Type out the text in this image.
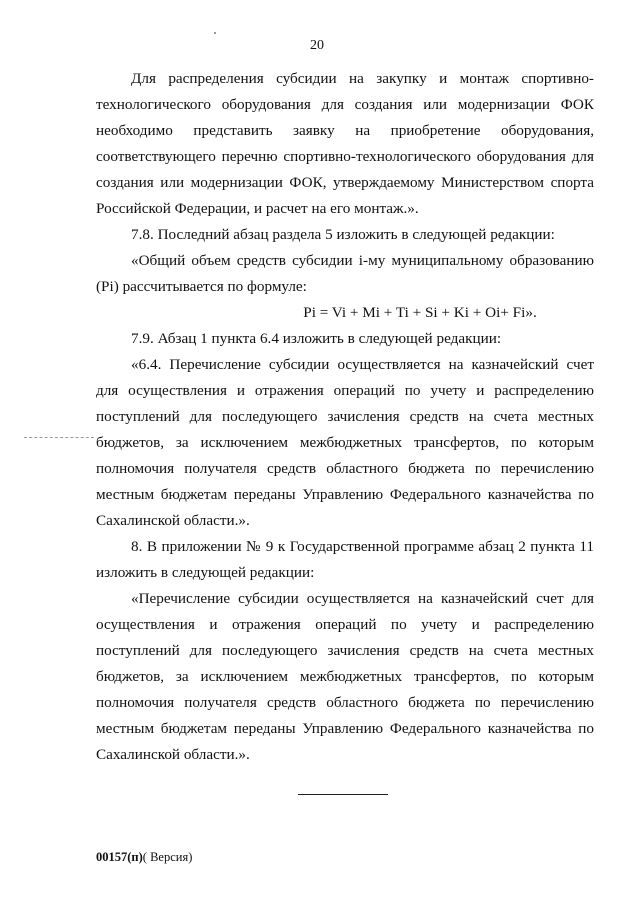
20

Для распределения субсидии на закупку и монтаж спортивно-технологического оборудования для создания или модернизации ФОК необходимо представить заявку на приобретение оборудования, соответствующего перечню спортивно-технологического оборудования для создания или модернизации ФОК, утверждаемому Министерством спорта Российской Федерации, и расчет на его монтаж.».

7.8. Последний абзац раздела 5 изложить в следующей редакции:

«Общий объем средств субсидии i-му муниципальному образованию (Pi) рассчитывается по формуле:

Pi = Vi + Mi + Ti + Si + Ki + Oi+ Fi».

7.9. Абзац 1 пункта 6.4 изложить в следующей редакции:

«6.4. Перечисление субсидии осуществляется на казначейский счет для осуществления и отражения операций по учету и распределению поступлений для последующего зачисления средств на счета местных бюджетов, за исключением межбюджетных трансфертов, по которым полномочия получателя средств областного бюджета по перечислению местным бюджетам переданы Управлению Федерального казначейства по Сахалинской области.».

8. В приложении № 9 к Государственной программе абзац 2 пункта 11 изложить в следующей редакции:

«Перечисление субсидии осуществляется на казначейский счет для осуществления и отражения операций по учету и распределению поступлений для последующего зачисления средств на счета местных бюджетов, за исключением межбюджетных трансфертов, по которым полномочия получателя средств областного бюджета по перечислению местным бюджетам переданы Управлению Федерального казначейства по Сахалинской области.».

00157(п)( Версия)
